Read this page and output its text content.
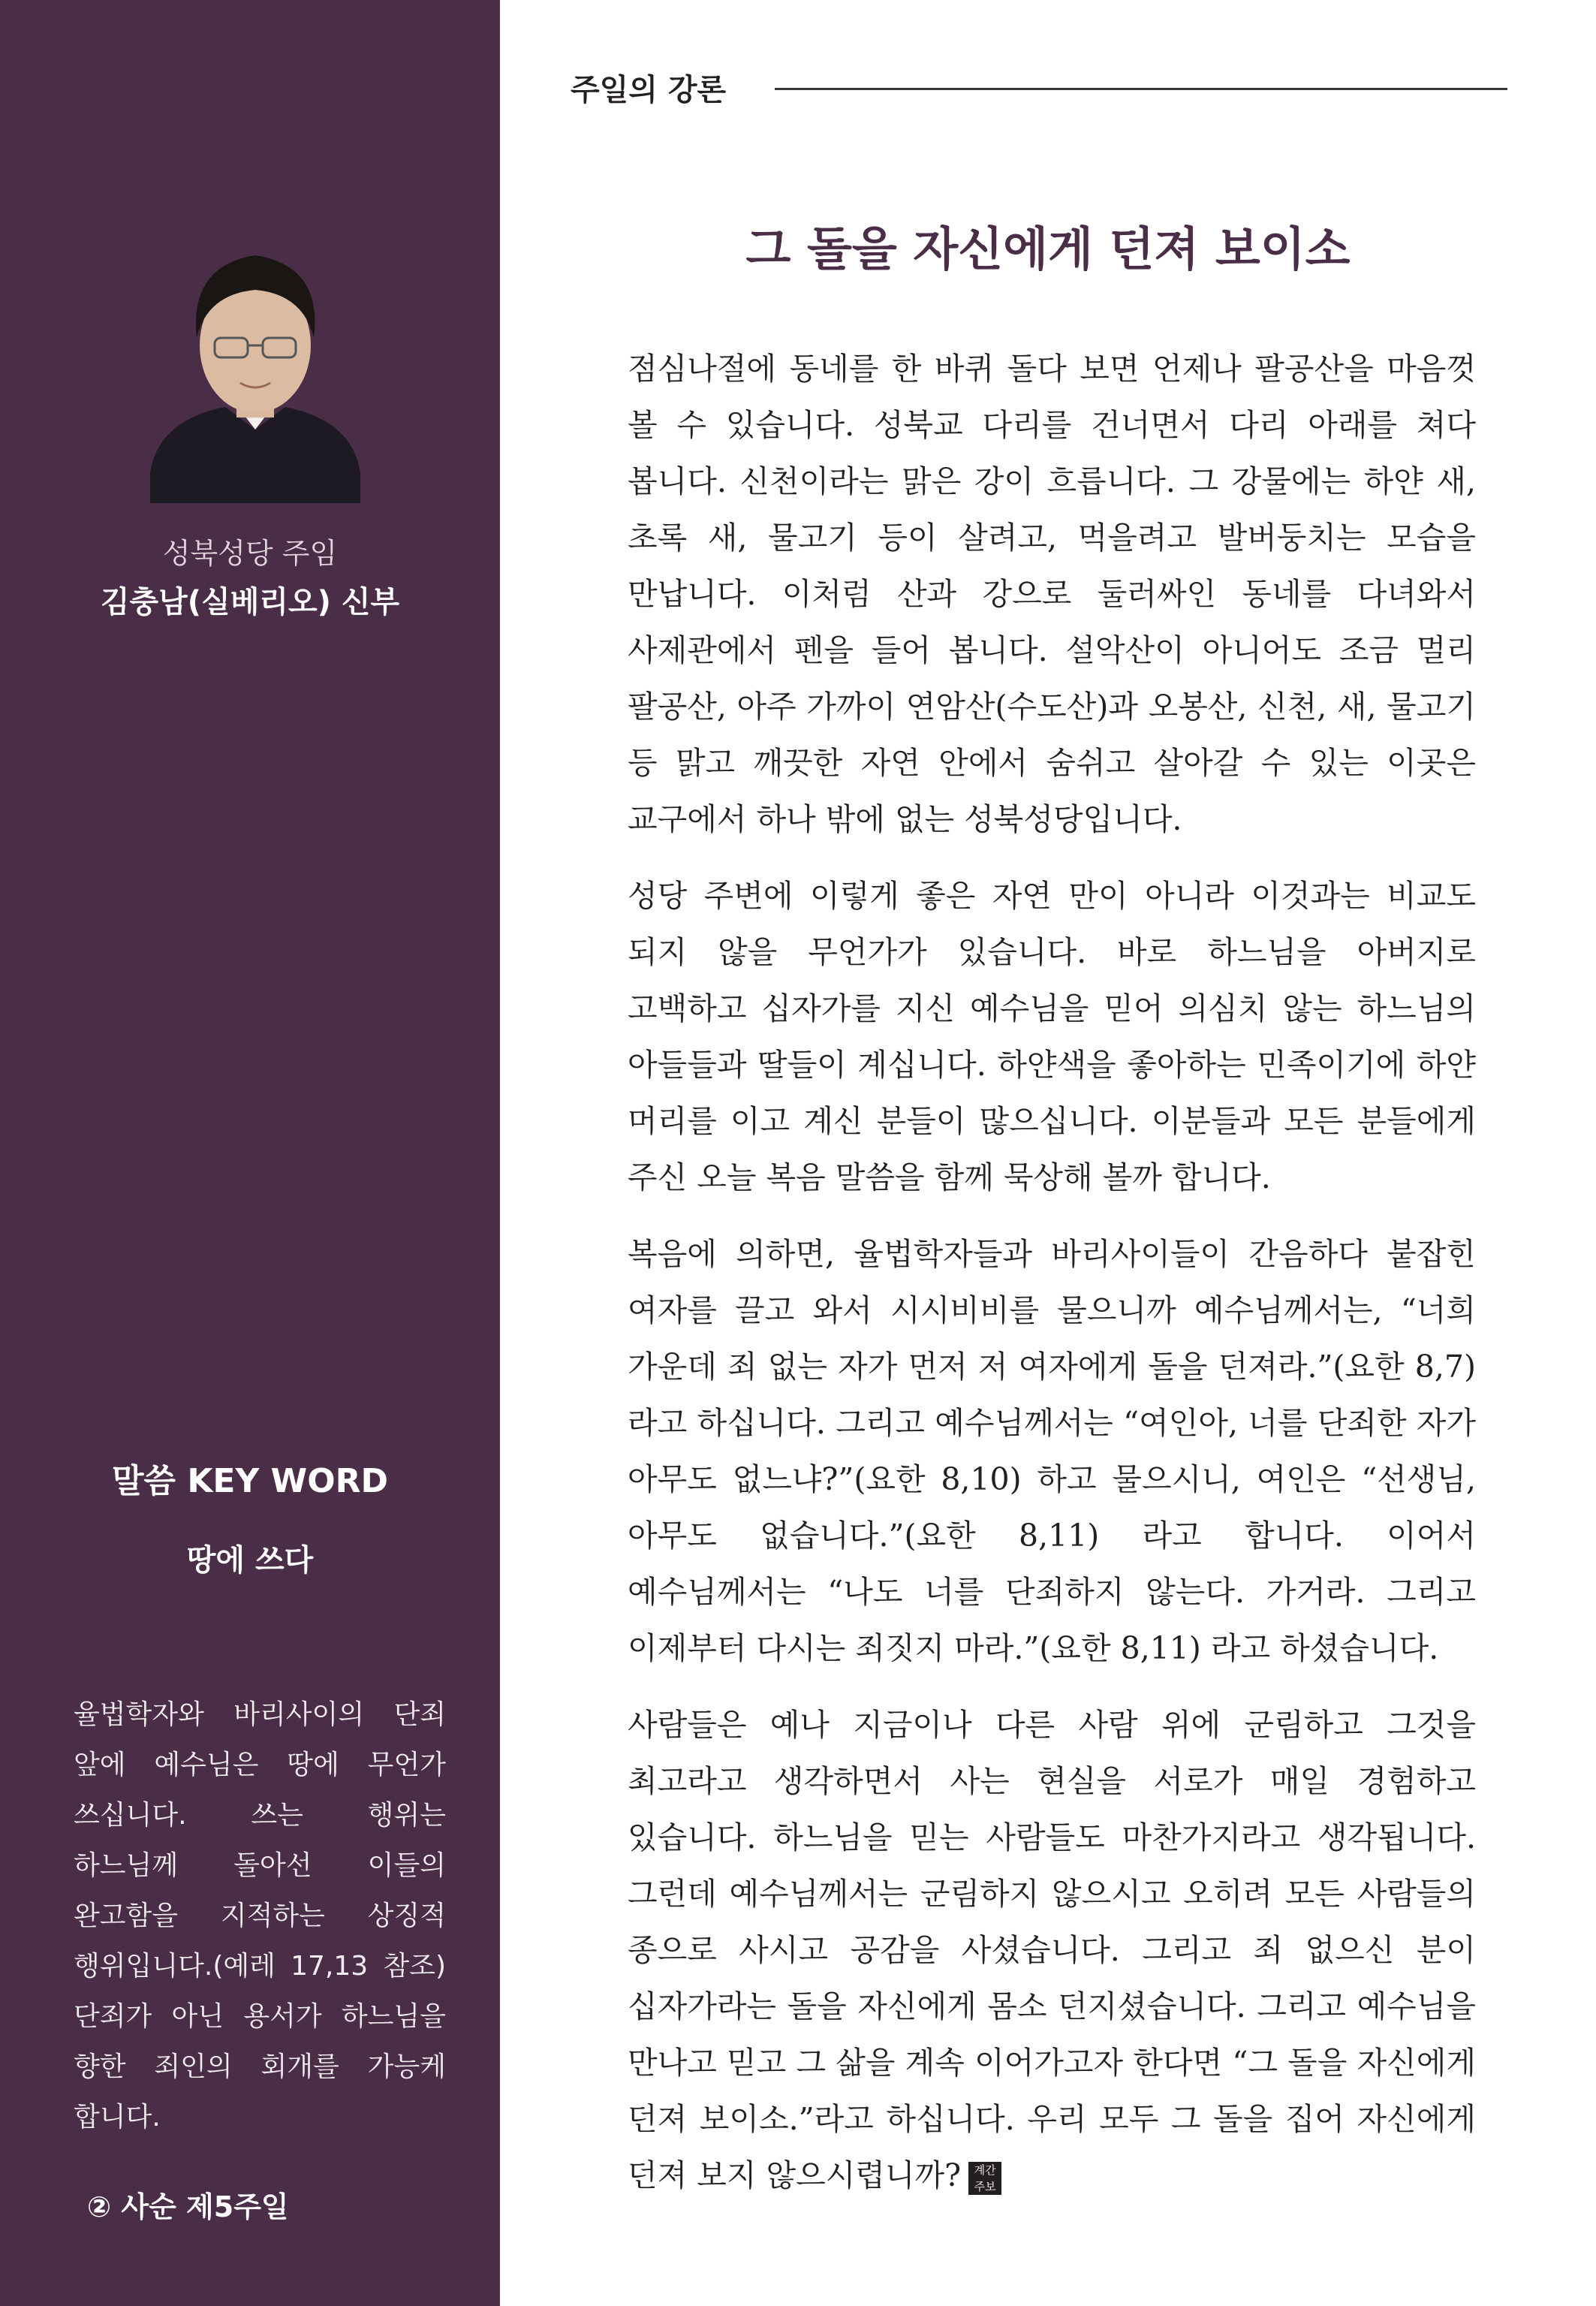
성북성당 주임
김충남(실베리오) 신부
말씀 KEY WORD
땅에 쓰다
율법학자와 바리사이의 단죄 앞에 예수님은 땅에 무언가 쓰십니다. 쓰는 행위는 하느님께 돌아선 이들의 완고함을 지적하는 상징적 행위입니다.(예레 17,13 참조) 단죄가 아닌 용서가 하느님을 향한 죄인의 회개를 가능케 합니다.
② 사순 제5주일
주일의 강론
그 돌을 자신에게 던져 보이소

점심나절에 동네를 한 바퀴 돌다 보면 언제나 팔공산을 마음껏 볼 수 있습니다. 성북교 다리를 건너면서 다리 아래를 쳐다 봅니다. 신천이라는 맑은 강이 흐릅니다. 그 강물에는 하얀 새, 초록 새, 물고기 등이 살려고, 먹을려고 발버둥치는 모습을 만납니다. 이처럼 산과 강으로 둘러싸인 동네를 다녀와서 사제관에서 펜을 들어 봅니다. 설악산이 아니어도 조금 멀리 팔공산, 아주 가까이 연암산(수도산)과 오봉산, 신천, 새, 물고기 등 맑고 깨끗한 자연 안에서 숨쉬고 살아갈 수 있는 이곳은 교구에서 하나 밖에 없는 성북성당입니다.

성당 주변에 이렇게 좋은 자연 만이 아니라 이것과는 비교도 되지 않을 무언가가 있습니다. 바로 하느님을 아버지로 고백하고 십자가를 지신 예수님을 믿어 의심치 않는 하느님의 아들들과 딸들이 계십니다. 하얀색을 좋아하는 민족이기에 하얀 머리를 이고 계신 분들이 많으십니다. 이분들과 모든 분들에게 주신 오늘 복음 말씀을 함께 묵상해 볼까 합니다.

복음에 의하면, 율법학자들과 바리사이들이 간음하다 붙잡힌 여자를 끌고 와서 시시비비를 물으니까 예수님께서는, “너희 가운데 죄 없는 자가 먼저 저 여자에게 돌을 던져라.”(요한 8,7) 라고 하십니다. 그리고 예수님께서는 “여인아, 너를 단죄한 자가 아무도 없느냐?”(요한 8,10) 하고 물으시니, 여인은 “선생님, 아무도 없습니다.”(요한 8,11) 라고 합니다. 이어서 예수님께서는 “나도 너를 단죄하지 않는다. 가거라. 그리고 이제부터 다시는 죄짓지 마라.”(요한 8,11) 라고 하셨습니다.

사람들은 예나 지금이나 다른 사람 위에 군림하고 그것을 최고라고 생각하면서 사는 현실을 서로가 매일 경험하고 있습니다. 하느님을 믿는 사람들도 마찬가지라고 생각됩니다. 그런데 예수님께서는 군림하지 않으시고 오히려 모든 사람들의 종으로 사시고 공감을 사셨습니다. 그리고 죄 없으신 분이 십자가라는 돌을 자신에게 몸소 던지셨습니다. 그리고 예수님을 만나고 믿고 그 삶을 계속 이어가고자 한다면 “그 돌을 자신에게 던져 보이소.”라고 하십니다. 우리 모두 그 돌을 집어 자신에게 던져 보지 않으시렵니까? 계간 주보
